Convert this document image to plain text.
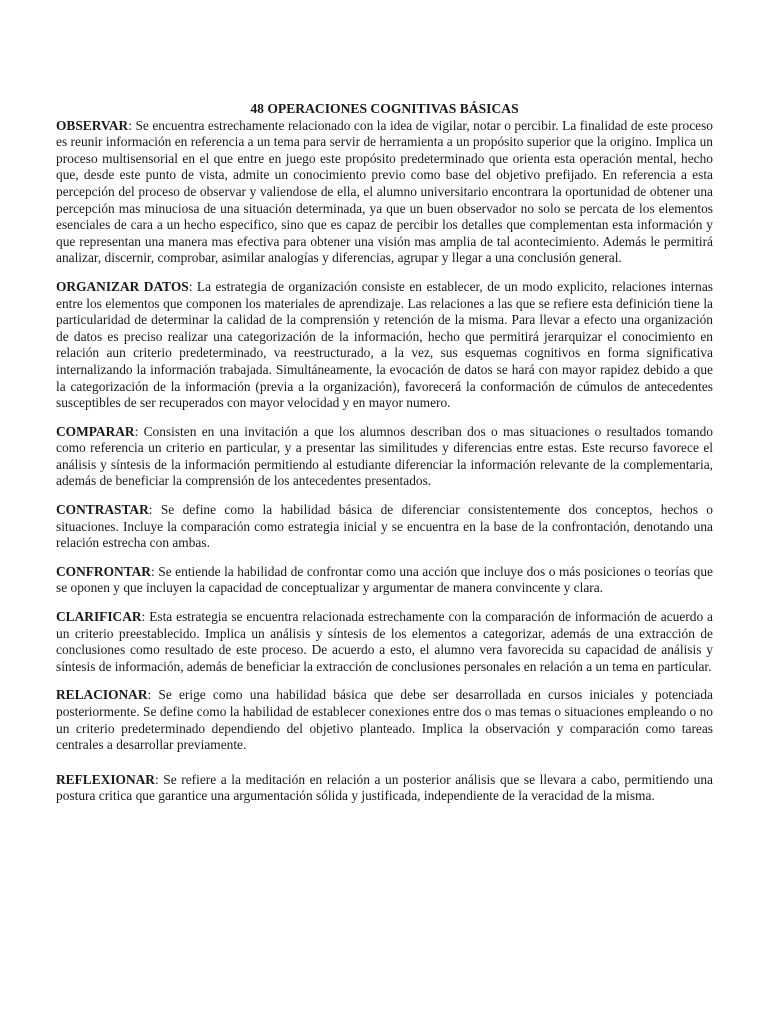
48 OPERACIONES COGNITIVAS BÁSICAS

OBSERVAR: Se encuentra estrechamente relacionado con la idea de vigilar, notar o percibir. La finalidad de este proceso es reunir información en referencia a un tema para servir de herramienta a un propósito superior que la origino. Implica un proceso multisensorial en el que entre en juego este propósito predeterminado que orienta esta operación mental, hecho que, desde este punto de vista, admite un conocimiento previo como base del objetivo prefijado. En referencia a esta percepción del proceso de observar y valiendose de ella, el alumno universitario encontrara la oportunidad de obtener una percepción mas minuciosa de una situación determinada, ya que un buen observador no solo se percata de los elementos esenciales de cara a un hecho especifico, sino que es capaz de percibir los detalles que complementan esta información y que representan una manera mas efectiva para obtener una visión mas amplia de tal acontecimiento. Además le permitirá analizar, discernir, comprobar, asimilar analogías y diferencias, agrupar y llegar a una conclusión general.

ORGANIZAR DATOS: La estrategia de organización consiste en establecer, de un modo explicito, relaciones internas entre los elementos que componen los materiales de aprendizaje. Las relaciones a las que se refiere esta definición tiene la particularidad de determinar la calidad de la comprensión y retención de la misma. Para llevar a efecto una organización de datos es preciso realizar una categorización de la información, hecho que permitirá jerarquizar el conocimiento en relación aun criterio predeterminado, va reestructurado, a la vez, sus esquemas cognitivos en forma significativa internalizando la información trabajada. Simultáneamente, la evocación de datos se hará con mayor rapidez debido a que la categorización de la información (previa a la organización), favorecerá la conformación de cúmulos de antecedentes susceptibles de ser recuperados con mayor velocidad y en mayor numero.

COMPARAR: Consisten en una invitación a que los alumnos describan dos o mas situaciones o resultados tomando como referencia un criterio en particular, y a presentar las similitudes y diferencias entre estas. Este recurso favorece el análisis y síntesis de la información permitiendo al estudiante diferenciar la información relevante de la complementaria, además de beneficiar la comprensión de los antecedentes presentados.

CONTRASTAR: Se define como la habilidad básica de diferenciar consistentemente dos conceptos, hechos o situaciones. Incluye la comparación como estrategia inicial y se encuentra en la base de la confrontación, denotando una relación estrecha con ambas.

CONFRONTAR: Se entiende la habilidad de confrontar como una acción que incluye dos o más posiciones o teorías que se oponen y que incluyen la capacidad de conceptualizar y argumentar de manera convincente y clara.

CLARIFICAR: Esta estrategia se encuentra relacionada estrechamente con la comparación de información de acuerdo a un criterio preestablecido. Implica un análisis y síntesis de los elementos a categorizar, además de una extracción de conclusiones como resultado de este proceso. De acuerdo a esto, el alumno vera favorecida su capacidad de análisis y síntesis de información, además de beneficiar la extracción de conclusiones personales en relación a un tema en particular.

RELACIONAR: Se erige como una habilidad básica que debe ser desarrollada en cursos iniciales y potenciada posteriormente. Se define como la habilidad de establecer conexiones entre dos o mas temas o situaciones empleando o no un criterio predeterminado dependiendo del objetivo planteado. Implica la observación y comparación como tareas centrales a desarrollar previamente.

REFLEXIONAR: Se refiere a la meditación en relación a un posterior análisis que se llevara a cabo, permitiendo una postura critica que garantice una argumentación sólida y justificada, independiente de la veracidad de la misma.
